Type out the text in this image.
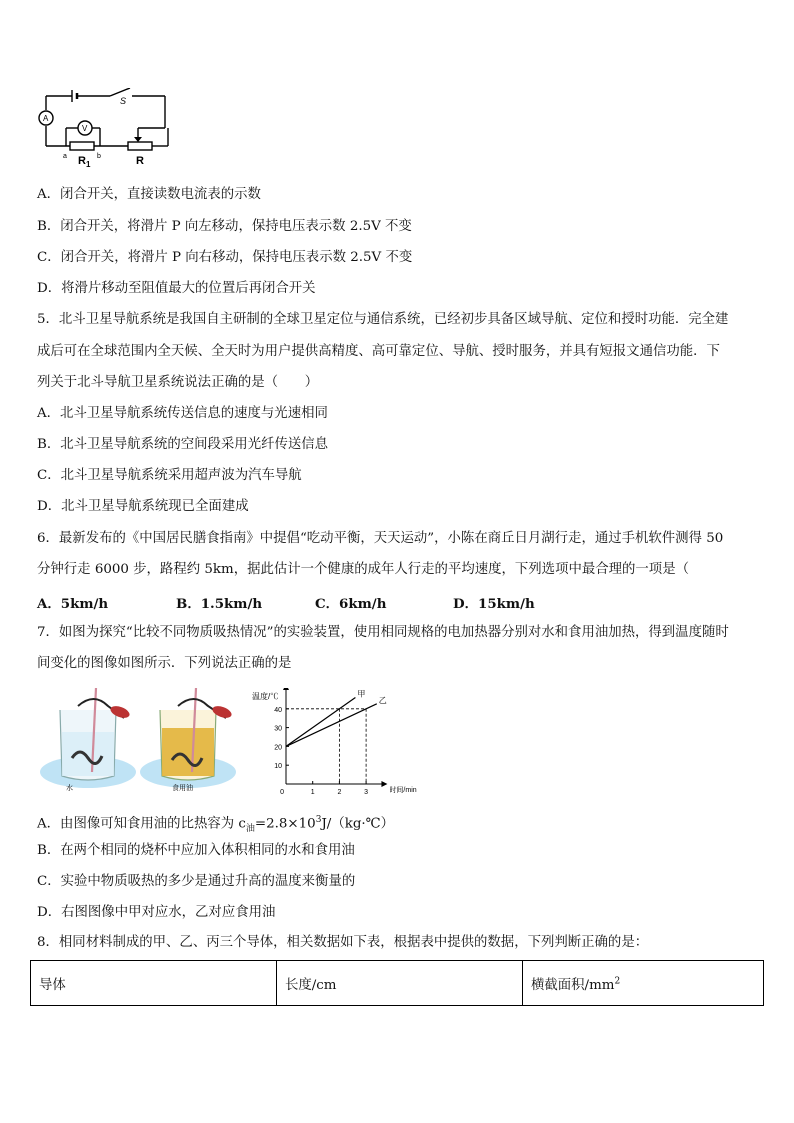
S
A
V
a	b
$R_1$	R
A．闭合开关，直接读数电流表的示数
B．闭合开关，将滑片 P 向左移动，保持电压表示数 2.5V 不变
C．闭合开关，将滑片 P 向右移动，保持电压表示数 2.5V 不变
D．将滑片移动至阻值最大的位置后再闭合开关
5．北斗卫星导航系统是我国自主研制的全球卫星定位与通信系统，已经初步具备区域导航、定位和授时功能．完全建
成后可在全球范围内全天候、全天时为用户提供高精度、高可靠定位、导航、授时服务，并具有短报文通信功能．下
列关于北斗导航卫星系统说法正确的是（　　）
A．北斗卫星导航系统传送信息的速度与光速相同
B．北斗卫星导航系统的空间段采用光纤传送信息
C．北斗卫星导航系统采用超声波为汽车导航
D．北斗卫星导航系统现已全面建成
6．最新发布的《中国居民膳食指南》中提倡“吃动平衡，天天运动”，小陈在商丘日月湖行走，通过手机软件测得 50
分钟行走 6000 步，路程约 5km，据此估计一个健康的成年人行走的平均速度，下列选项中最合理的一项是（
A．5km/h	B．1.5km/h	C．6km/h	D．15km/h
7．如图为探究“比较不同物质吸热情况”的实验装置，使用相同规格的电加热器分别对水和食用油加热，得到温度随时
间变化的图像如图所示．下列说法正确的是
水	食用油
10
20
30
40
1	2	3
0
温度/℃
时间/min
甲
乙
A．由图像可知食用油的比热容为 $c_油=2.8\times 10^3J/(kg\cdot℃)$
B．在两个相同的烧杯中应加入体积相同的水和食用油
C．实验中物质吸热的多少是通过升高的温度来衡量的
D．右图图像中甲对应水，乙对应食用油
8．相同材料制成的甲、乙、丙三个导体，相关数据如下表，根据表中提供的数据，下列判断正确的是：
导体	长度/cm	横截面积$/mm^2$
